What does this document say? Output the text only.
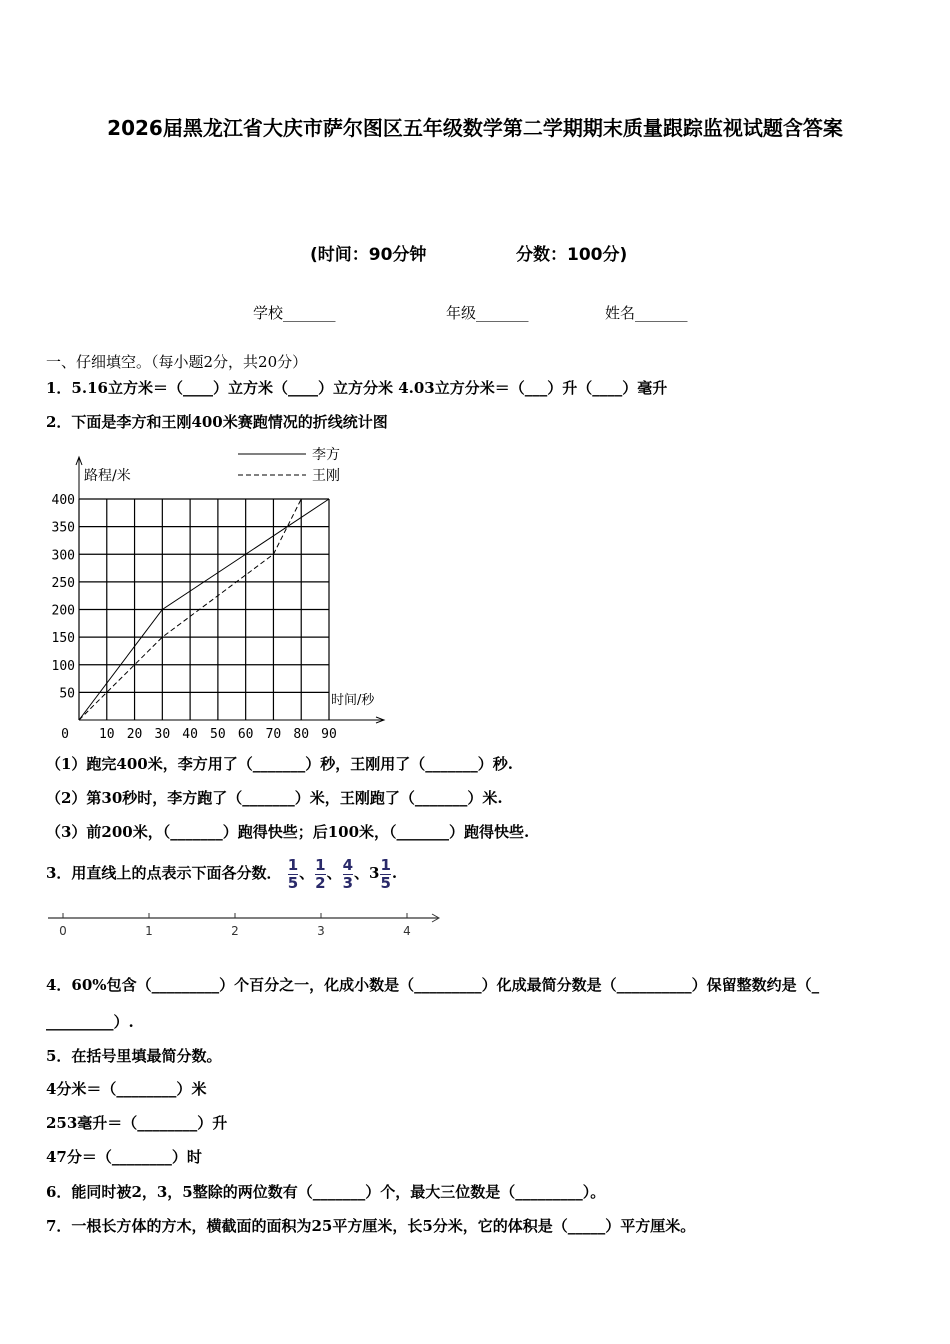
2026届黑龙江省大庆市萨尔图区五年级数学第二学期期末质量跟踪监视试题含答案
(时间：90分钟	分数：100分)
学校_______	年级_______	姓名_______
一、仔细填空。（每小题2分，共20分）
1．5.16立方米＝（____）立方米（____）立方分米 4.03立方分米＝（___）升（____）毫升
2．下面是李方和王刚400米赛跑情况的折线统计图
0 10 20 30 40 50 60 70 80 90
50
100
150
200
250
300
350
400
路程/米
时间/秒
李方
王刚
（1）跑完400米，李方用了（_______）秒，王刚用了（_______）秒.
（2）第30秒时，李方跑了（_______）米，王刚跑了（_______）米.
（3）前200米，（_______）跑得快些；后100米，（_______）跑得快些.
3．用直线上的点表示下面各分数． $\frac{1}{5}$ 、 $\frac{1}{2}$ 、 $\frac{4}{3}$ 、$3 \frac{1}{5}$ .
0	1	2	3	4
4．60%包含（_________）个百分之一，化成小数是（_________）化成最简分数是（__________）保留整数约是（_
_________）.
5．在括号里填最简分数。
4分米＝（________）米
253毫升＝（________）升
47分＝（________）时
6．能同时被2，3，5整除的两位数有（_______）个，最大三位数是（_________）。
7．一根长方体的方木，横截面的面积为25平方厘米，长5分米，它的体积是（_____）平方厘米。
